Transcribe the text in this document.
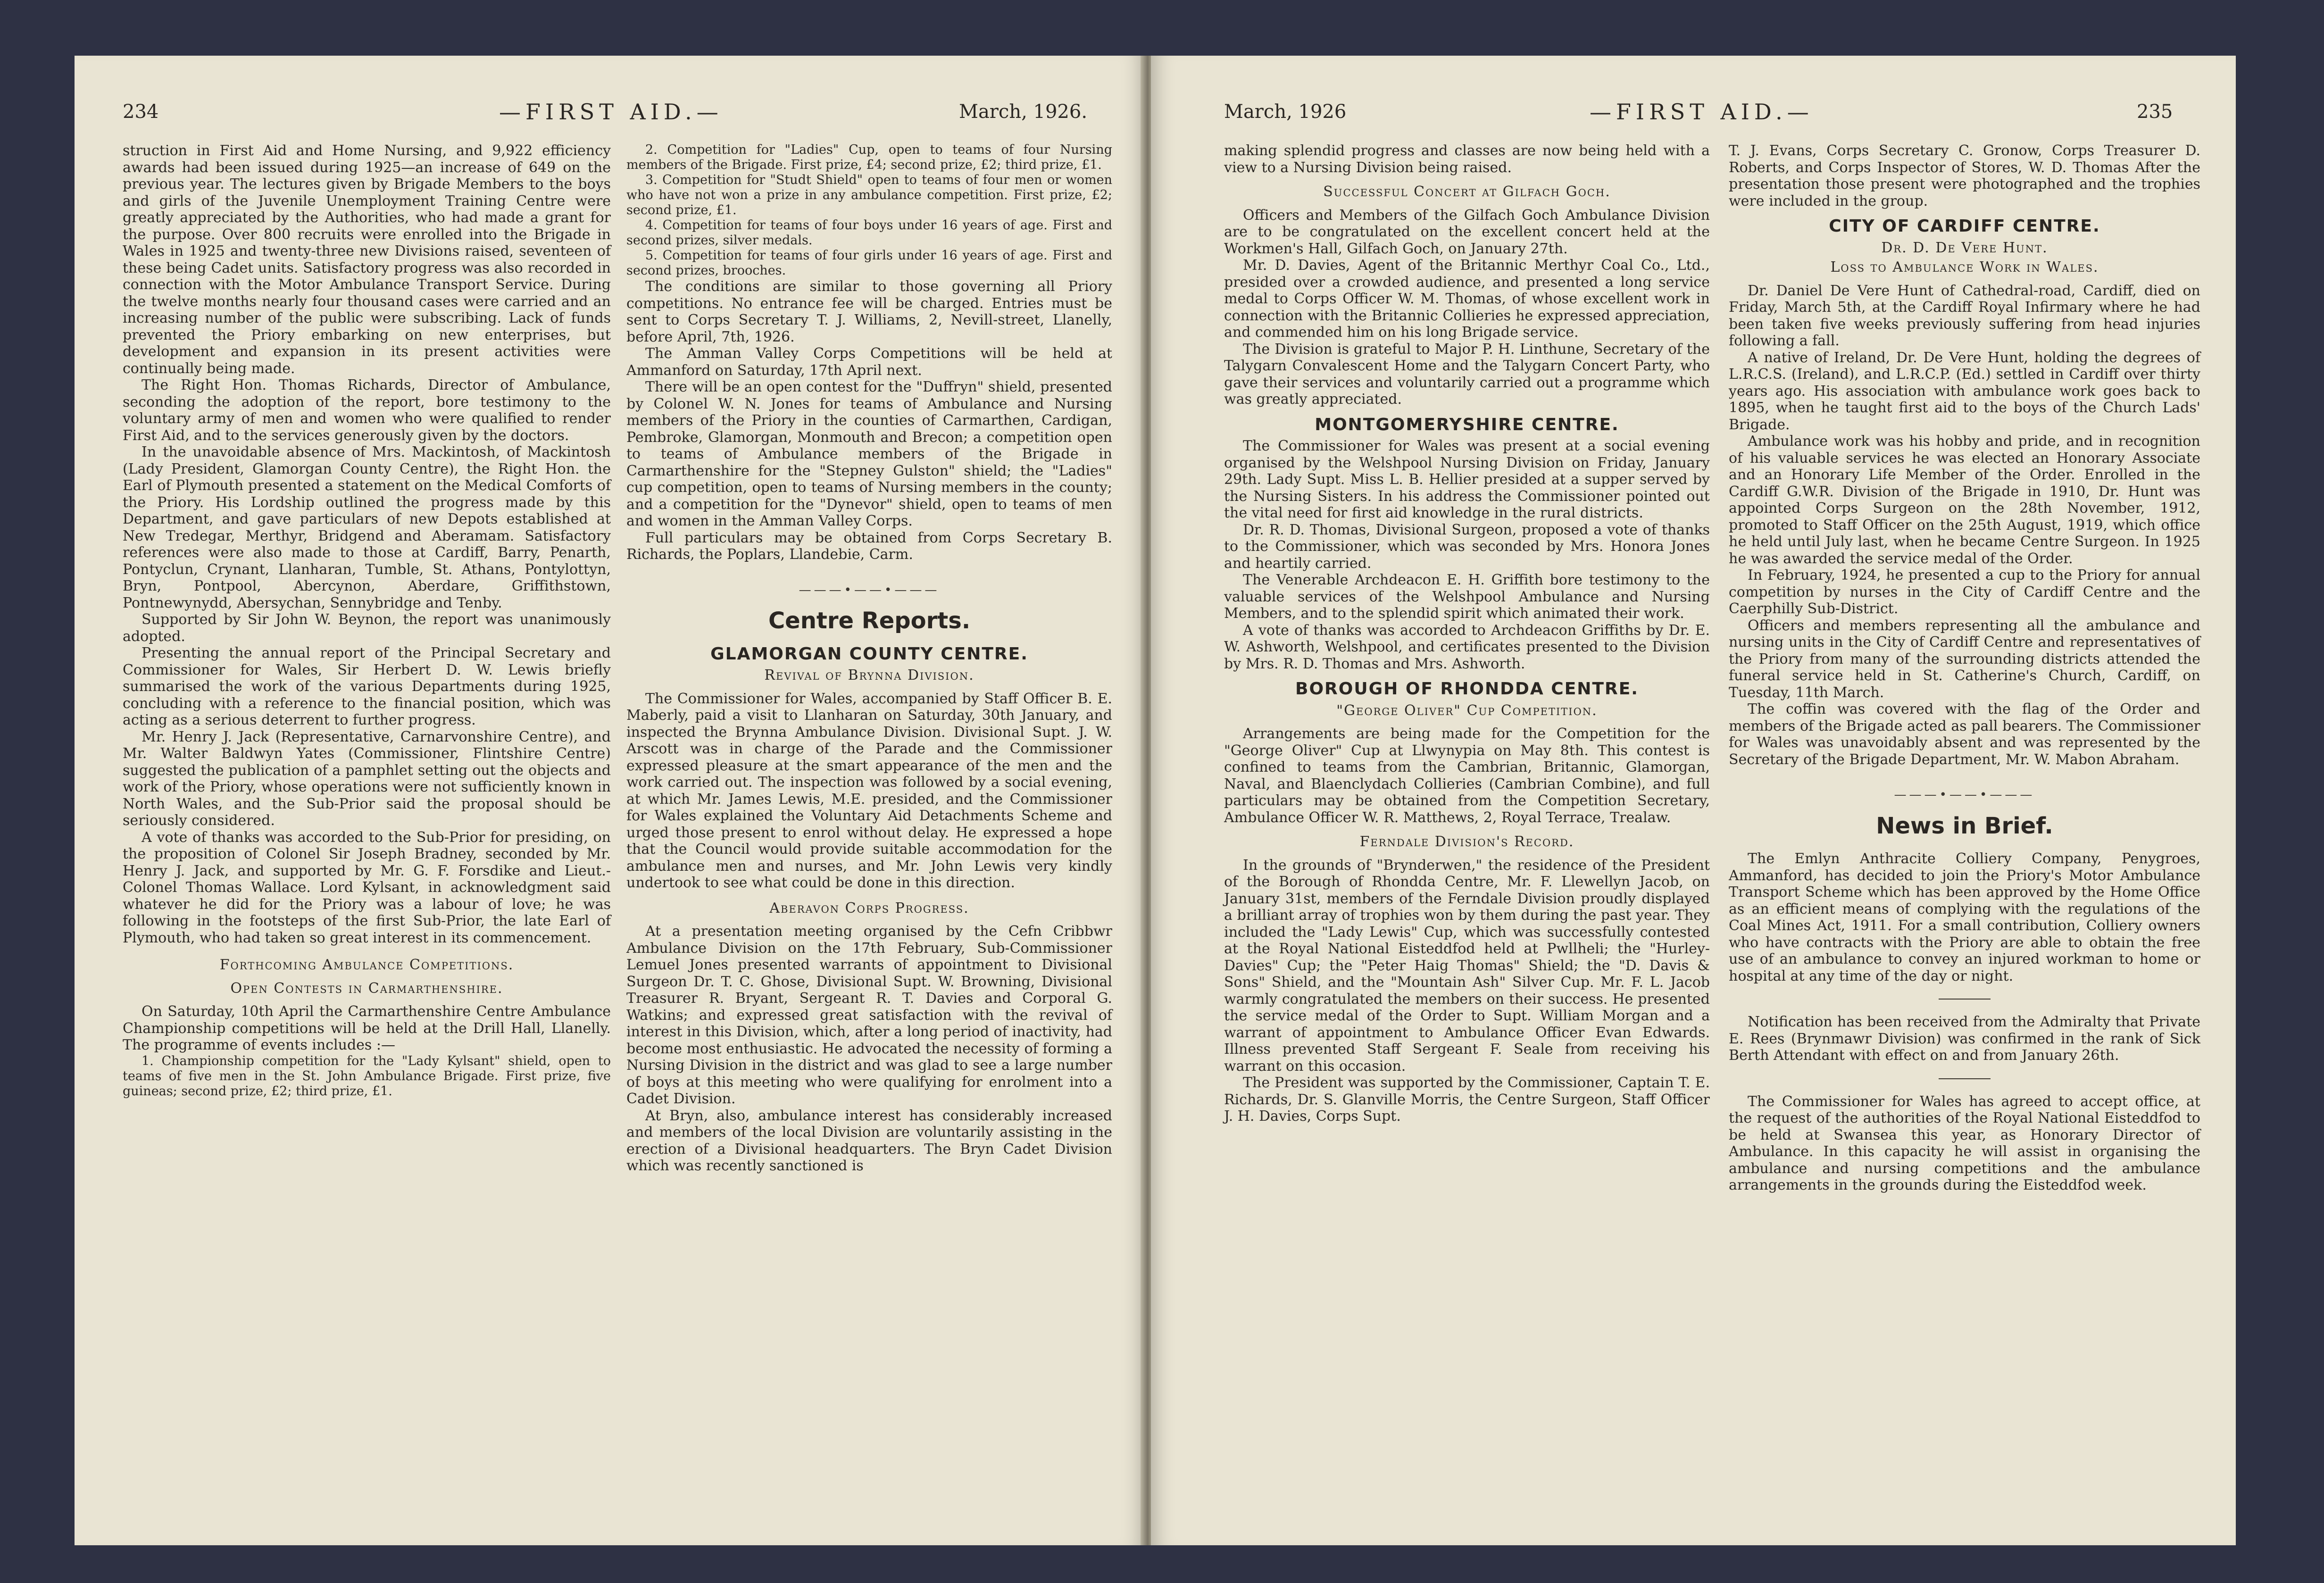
234	—FIRST AID.—	March, 1926.

struction in First Aid and Home Nursing, and 9,922 efficiency awards had been issued during 1925—an increase of 649 on the previous year. The lectures given by Brigade Members to the boys and girls of the Juvenile Unemployment Training Centre were greatly appreciated by the Authorities, who had made a grant for the purpose. Over 800 recruits were enrolled into the Brigade in Wales in 1925 and twenty-three new Divisions raised, seventeen of these being Cadet units. Satisfactory progress was also recorded in connection with the Motor Ambulance Transport Service. During the twelve months nearly four thousand cases were carried and an increasing number of the public were subscribing. Lack of funds prevented the Priory embarking on new enterprises, but development and expansion in its present activities were continually being made.

The Right Hon. Thomas Richards, Director of Ambulance, seconding the adoption of the report, bore testimony to the voluntary army of men and women who were qualified to render First Aid, and to the services generously given by the doctors.

In the unavoidable absence of Mrs. Mackintosh, of Mackintosh (Lady President, Glamorgan County Centre), the Right Hon. the Earl of Plymouth presented a statement on the Medical Comforts of the Priory. His Lordship outlined the progress made by this Department, and gave particulars of new Depots established at New Tredegar, Merthyr, Bridgend and Aberamam. Satisfactory references were also made to those at Cardiff, Barry, Penarth, Pontyclun, Crynant, Llanharan, Tumble, St. Athans, Pontylottyn, Bryn, Pontpool, Abercynon, Aberdare, Griffithstown, Pontnewynydd, Abersychan, Sennybridge and Tenby.

Supported by Sir John W. Beynon, the report was unanimously adopted.

Presenting the annual report of the Principal Secretary and Commissioner for Wales, Sir Herbert D. W. Lewis briefly summarised the work of the various Departments during 1925, concluding with a reference to the financial position, which was acting as a serious deterrent to further progress.

Mr. Henry J. Jack (Representative, Carnarvonshire Centre), and Mr. Walter Baldwyn Yates (Commissioner, Flintshire Centre) suggested the publication of a pamphlet setting out the objects and work of the Priory, whose operations were not sufficiently known in North Wales, and the Sub-Prior said the proposal should be seriously considered.

A vote of thanks was accorded to the Sub-Prior for presiding, on the proposition of Colonel Sir Joseph Bradney, seconded by Mr. Henry J. Jack, and supported by Mr. G. F. Forsdike and Lieut.-Colonel Thomas Wallace. Lord Kylsant, in acknowledgment said whatever he did for the Priory was a labour of love; he was following in the footsteps of the first Sub-Prior, the late Earl of Plymouth, who had taken so great interest in its commencement.

Forthcoming Ambulance Competitions.
Open Contests in Carmarthenshire.

On Saturday, 10th April the Carmarthenshire Centre Ambulance Championship competitions will be held at the Drill Hall, Llanelly. The programme of events includes :—

1. Championship competition for the "Lady Kylsant" shield, open to teams of five men in the St. John Ambulance Brigade. First prize, five guineas; second prize, £2; third prize, £1.

2. Competition for "Ladies" Cup, open to teams of four Nursing members of the Brigade. First prize, £4; second prize, £2; third prize, £1.

3. Competition for "Studt Shield" open to teams of four men or women who have not won a prize in any ambulance competition. First prize, £2; second prize, £1.

4. Competition for teams of four boys under 16 years of age. First and second prizes, silver medals.

5. Competition for teams of four girls under 16 years of age. First and second prizes, brooches.

The conditions are similar to those governing all Priory competitions. No entrance fee will be charged. Entries must be sent to Corps Secretary T. J. Williams, 2, Nevill-street, Llanelly, before April, 7th, 1926.

The Amman Valley Corps Competitions will be held at Ammanford on Saturday, 17th April next.

There will be an open contest for the "Duffryn" shield, presented by Colonel W. N. Jones for teams of Ambulance and Nursing members of the Priory in the counties of Carmarthen, Cardigan, Pembroke, Glamorgan, Monmouth and Brecon; a competition open to teams of Ambulance members of the Brigade in Carmarthenshire for the "Stepney Gulston" shield; the "Ladies" cup competition, open to teams of Nursing members in the county; and a competition for the "Dynevor" shield, open to teams of men and women in the Amman Valley Corps.

Full particulars may be obtained from Corps Secretary B. Richards, the Poplars, Llandebie, Carm.

———•——•———
Centre Reports.
GLAMORGAN COUNTY CENTRE.
Revival of Brynna Division.

The Commissioner for Wales, accompanied by Staff Officer B. E. Maberly, paid a visit to Llanharan on Saturday, 30th January, and inspected the Brynna Ambulance Division. Divisional Supt. J. W. Arscott was in charge of the Parade and the Commissioner expressed pleasure at the smart appearance of the men and the work carried out. The inspection was followed by a social evening, at which Mr. James Lewis, M.E. presided, and the Commissioner for Wales explained the Voluntary Aid Detachments Scheme and urged those present to enrol without delay. He expressed a hope that the Council would provide suitable accommodation for the ambulance men and nurses, and Mr. John Lewis very kindly undertook to see what could be done in this direction.

Aberavon Corps Progress.

At a presentation meeting organised by the Cefn Cribbwr Ambulance Division on the 17th February, Sub-Commissioner Lemuel Jones presented warrants of appointment to Divisional Surgeon Dr. T. C. Ghose, Divisional Supt. W. Browning, Divisional Treasurer R. Bryant, Sergeant R. T. Davies and Corporal G. Watkins; and expressed great satisfaction with the revival of interest in this Division, which, after a long period of inactivity, had become most enthusiastic. He advocated the necessity of forming a Nursing Division in the district and was glad to see a large number of boys at this meeting who were qualifying for enrolment into a Cadet Division.

At Bryn, also, ambulance interest has considerably increased and members of the local Division are voluntarily assisting in the erection of a Divisional headquarters. The Bryn Cadet Division which was recently sanctioned is

March, 1926	—FIRST AID.—	235

making splendid progress and classes are now being held with a view to a Nursing Division being raised.

Successful Concert at Gilfach Goch.

Officers and Members of the Gilfach Goch Ambulance Division are to be congratulated on the excellent concert held at the Workmen's Hall, Gilfach Goch, on January 27th.

Mr. D. Davies, Agent of the Britannic Merthyr Coal Co., Ltd., presided over a crowded audience, and presented a long service medal to Corps Officer W. M. Thomas, of whose excellent work in connection with the Britannic Collieries he expressed appreciation, and commended him on his long Brigade service.

The Division is grateful to Major P. H. Linthune, Secretary of the Talygarn Convalescent Home and the Talygarn Concert Party, who gave their services and voluntarily carried out a programme which was greatly appreciated.

MONTGOMERYSHIRE CENTRE.

The Commissioner for Wales was present at a social evening organised by the Welshpool Nursing Division on Friday, January 29th. Lady Supt. Miss L. B. Hellier presided at a supper served by the Nursing Sisters. In his address the Commissioner pointed out the vital need for first aid knowledge in the rural districts.

Dr. R. D. Thomas, Divisional Surgeon, proposed a vote of thanks to the Commissioner, which was seconded by Mrs. Honora Jones and heartily carried.

The Venerable Archdeacon E. H. Griffith bore testimony to the valuable services of the Welshpool Ambulance and Nursing Members, and to the splendid spirit which animated their work.

A vote of thanks was accorded to Archdeacon Griffiths by Dr. E. W. Ashworth, Welshpool, and certificates presented to the Division by Mrs. R. D. Thomas and Mrs. Ashworth.

BOROUGH OF RHONDDA CENTRE.
"George Oliver" Cup Competition.

Arrangements are being made for the Competition for the "George Oliver" Cup at Llwynypia on May 8th. This contest is confined to teams from the Cambrian, Britannic, Glamorgan, Naval, and Blaenclydach Collieries (Cambrian Combine), and full particulars may be obtained from the Competition Secretary, Ambulance Officer W. R. Matthews, 2, Royal Terrace, Trealaw.

Ferndale Division's Record.

In the grounds of "Brynderwen," the residence of the President of the Borough of Rhondda Centre, Mr. F. Llewellyn Jacob, on January 31st, members of the Ferndale Division proudly displayed a brilliant array of trophies won by them during the past year. They included the "Lady Lewis" Cup, which was successfully contested at the Royal National Eisteddfod held at Pwllheli; the "Hurley-Davies" Cup; the "Peter Haig Thomas" Shield; the "D. Davis & Sons" Shield, and the "Mountain Ash" Silver Cup. Mr. F. L. Jacob warmly congratulated the members on their success. He presented the service medal of the Order to Supt. William Morgan and a warrant of appointment to Ambulance Officer Evan Edwards. Illness prevented Staff Sergeant F. Seale from receiving his warrant on this occasion.

The President was supported by the Commissioner, Captain T. E. Richards, Dr. S. Glanville Morris, the Centre Surgeon, Staff Officer J. H. Davies, Corps Supt.

T. J. Evans, Corps Secretary C. Gronow, Corps Treasurer D. Roberts, and Corps Inspector of Stores, W. D. Thomas After the presentation those present were photographed and the trophies were included in the group.

CITY OF CARDIFF CENTRE.
Dr. D. De Vere Hunt.
Loss to Ambulance Work in Wales.

Dr. Daniel De Vere Hunt of Cathedral-road, Cardiff, died on Friday, March 5th, at the Cardiff Royal Infirmary where he had been taken five weeks previously suffering from head injuries following a fall.

A native of Ireland, Dr. De Vere Hunt, holding the degrees of L.R.C.S. (Ireland), and L.R.C.P. (Ed.) settled in Cardiff over thirty years ago. His association with ambulance work goes back to 1895, when he taught first aid to the boys of the Church Lads' Brigade.

Ambulance work was his hobby and pride, and in recognition of his valuable services he was elected an Honorary Associate and an Honorary Life Member of the Order. Enrolled in the Cardiff G.W.R. Division of the Brigade in 1910, Dr. Hunt was appointed Corps Surgeon on the 28th November, 1912, promoted to Staff Officer on the 25th August, 1919, which office he held until July last, when he became Centre Surgeon. In 1925 he was awarded the service medal of the Order.

In February, 1924, he presented a cup to the Priory for annual competition by nurses in the City of Cardiff Centre and the Caerphilly Sub-District.

Officers and members representing all the ambulance and nursing units in the City of Cardiff Centre and representatives of the Priory from many of the surrounding districts attended the funeral service held in St. Catherine's Church, Cardiff, on Tuesday, 11th March.

The coffin was covered with the flag of the Order and members of the Brigade acted as pall bearers. The Commissioner for Wales was unavoidably absent and was represented by the Secretary of the Brigade Department, Mr. W. Mabon Abraham.

———•——•———
News in Brief.

The Emlyn Anthracite Colliery Company, Penygroes, Ammanford, has decided to join the Priory's Motor Ambulance Transport Scheme which has been approved by the Home Office as an efficient means of complying with the regulations of the Coal Mines Act, 1911. For a small contribution, Colliery owners who have contracts with the Priory are able to obtain the free use of an ambulance to convey an injured workman to home or hospital at any time of the day or night.

Notification has been received from the Admiralty that Private E. Rees (Brynmawr Division) was confirmed in the rank of Sick Berth Attendant with effect on and from January 26th.

The Commissioner for Wales has agreed to accept office, at the request of the authorities of the Royal National Eisteddfod to be held at Swansea this year, as Honorary Director of Ambulance. In this capacity he will assist in organising the ambulance and nursing competitions and the ambulance arrangements in the grounds during the Eisteddfod week.
